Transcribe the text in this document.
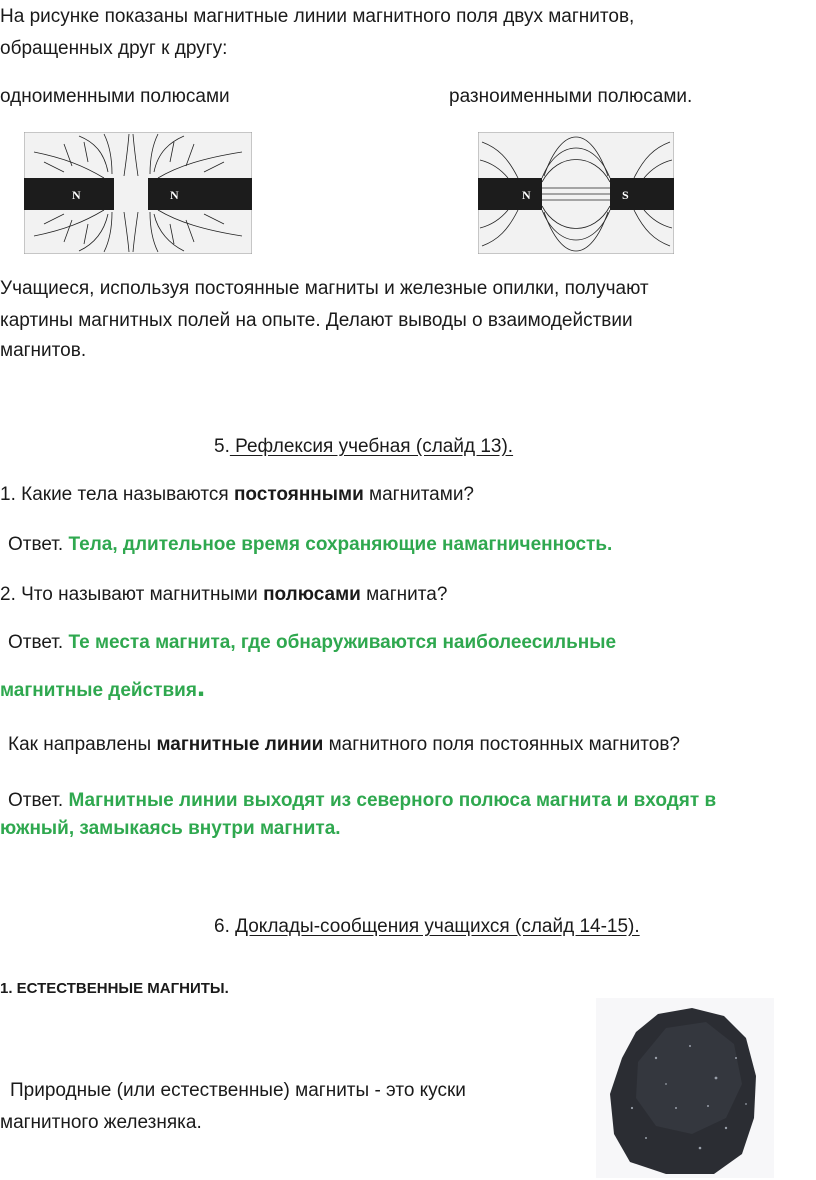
На рисунке показаны магнитные линии магнитного поля двух магнитов,
обращенных друг к другу:
одноименными полюсами	разноименными полюсами.
N	N	N	S
Учащиеся, используя постоянные магниты и железные опилки, получают
картины магнитных полей на опыте. Делают выводы о взаимодействии
магнитов.
5. Рефлексия учебная (слайд 13).
1. Какие тела называются постоянными магнитами?
Ответ. Тела, длительное время сохраняющие намагниченность.
2. Что называют магнитными полюсами магнита?
Ответ. Те места магнита, где обнаруживаются наиболеесильные
магнитные действия.
Как направлены магнитные линии магнитного поля постоянных магнитов?
Ответ. Магнитные линии выходят из северного полюса магнита и входят в
южный, замыкаясь внутри магнита.
6. Доклады-сообщения учащихся (слайд 14-15).
1. ЕСТЕСТВЕННЫЕ МАГНИТЫ.
Природные (или естественные) магниты - это куски
магнитного железняка.
